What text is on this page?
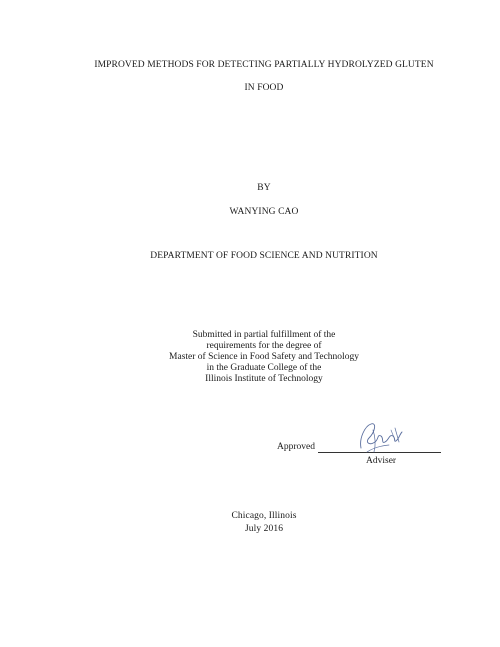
IMPROVED METHODS FOR DETECTING PARTIALLY HYDROLYZED GLUTEN
IN FOOD
BY
WANYING CAO
DEPARTMENT OF FOOD SCIENCE AND NUTRITION
Submitted in partial fulfillment of the
requirements for the degree of
Master of Science in Food Safety and Technology
in the Graduate College of the
Illinois Institute of Technology
Approved
Adviser
Chicago, Illinois
July 2016
